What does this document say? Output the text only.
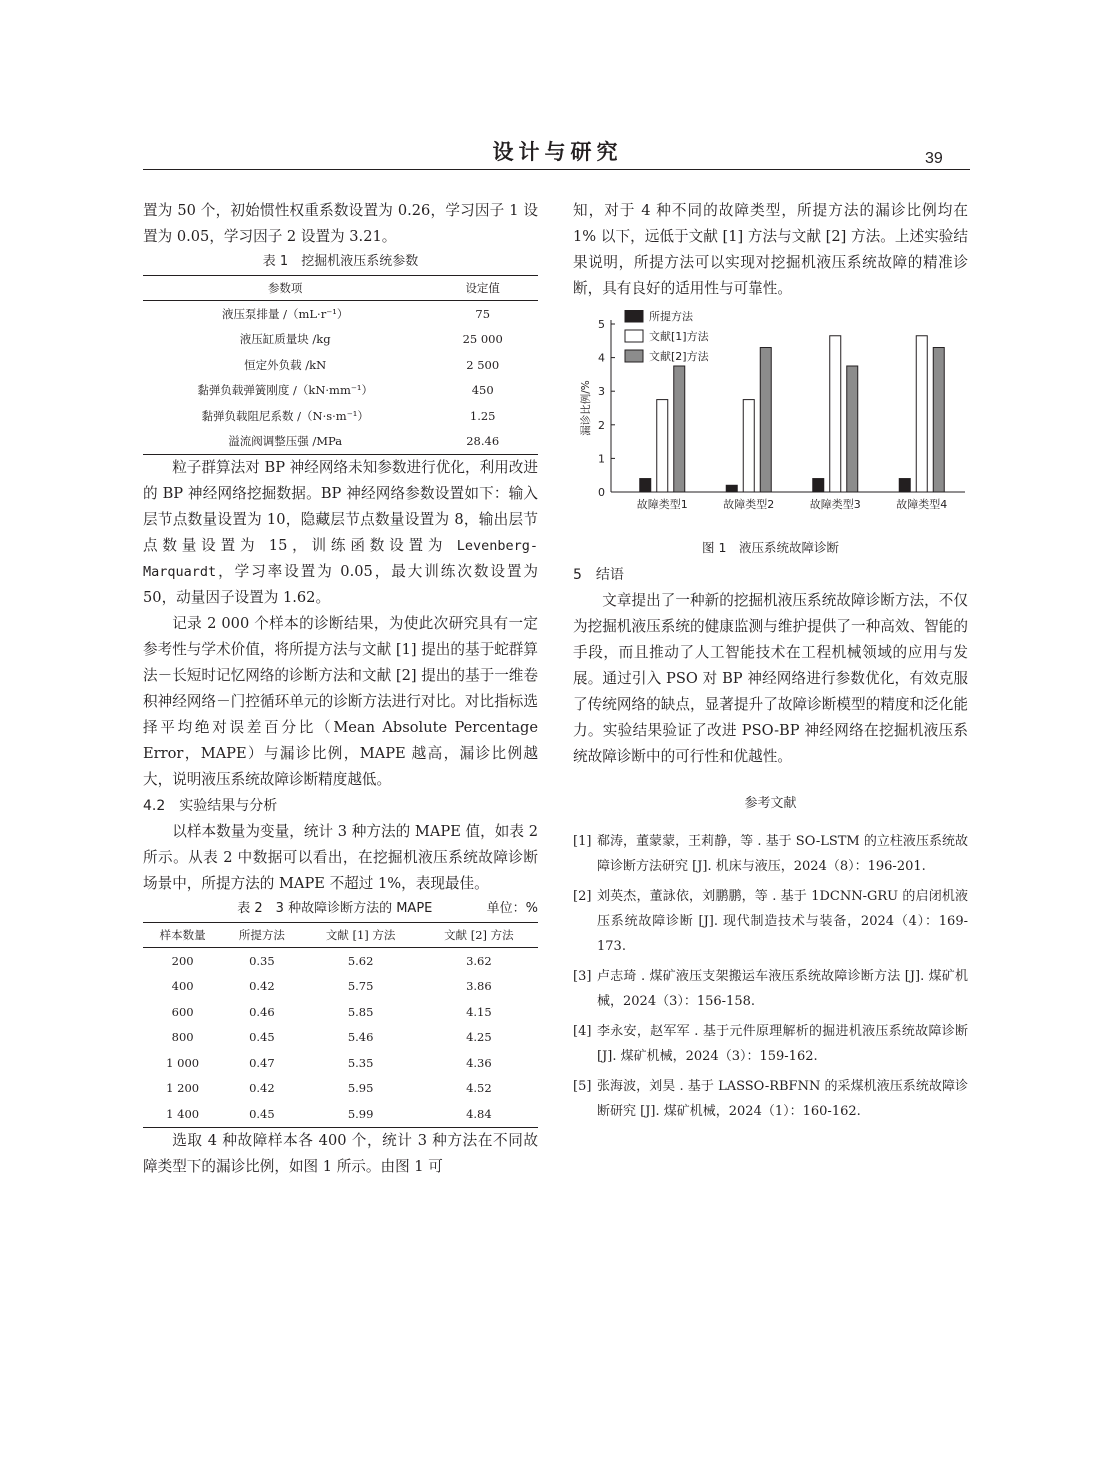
设计与研究	39

置为 50 个，初始惯性权重系数设置为 0.26，学习因子 1 设置为 0.05，学习因子 2 设置为 3.21。

表 1　挖掘机液压系统参数
参数项	设定值
液压泵排量 /（mL·r⁻¹）	75
液压缸质量块 /kg	25 000
恒定外负载 /kN	2 500
黏弹负载弹簧刚度 /（kN·mm⁻¹）	450
黏弹负载阻尼系数 /（N·s·m⁻¹）	1.25
溢流阀调整压强 /MPa	28.46

粒子群算法对 BP 神经网络未知参数进行优化，利用改进的 BP 神经网络挖掘数据。BP 神经网络参数设置如下：输入层节点数量设置为 10，隐藏层节点数量设置为 8，输出层节点数量设置为 15，训练函数设置为 Levenberg-Marquardt，学习率设置为 0.05，最大训练次数设置为 50，动量因子设置为 1.62。

记录 2 000 个样本的诊断结果，为使此次研究具有一定参考性与学术价值，将所提方法与文献 [1] 提出的基于蛇群算法－长短时记忆网络的诊断方法和文献 [2] 提出的基于一维卷积神经网络－门控循环单元的诊断方法进行对比。对比指标选择平均绝对误差百分比（Mean Absolute Percentage Error，MAPE）与漏诊比例，MAPE 越高，漏诊比例越大，说明液压系统故障诊断精度越低。

4.2　实验结果与分析

以样本数量为变量，统计 3 种方法的 MAPE 值，如表 2 所示。从表 2 中数据可以看出，在挖掘机液压系统故障诊断场景中，所提方法的 MAPE 不超过 1%，表现最佳。

表 2　3 种故障诊断方法的 MAPE	单位：%
样本数量	所提方法	文献 [1] 方法	文献 [2] 方法
200	0.35	5.62	3.62
400	0.42	5.75	3.86
600	0.46	5.85	4.15
800	0.45	5.46	4.25
1 000	0.47	5.35	4.36
1 200	0.42	5.95	4.52
1 400	0.45	5.99	4.84

选取 4 种故障样本各 400 个，统计 3 种方法在不同故障类型下的漏诊比例，如图 1 所示。由图 1 可

知，对于 4 种不同的故障类型，所提方法的漏诊比例均在 1% 以下，远低于文献 [1] 方法与文献 [2] 方法。上述实验结果说明，所提方法可以实现对挖掘机液压系统故障的精准诊断，具有良好的适用性与可靠性。

0
1
2
3
4
5
漏诊比例/%
故障类型1	故障类型2	故障类型3	故障类型4
所提方法
文献[1]方法
文献[2]方法
图 1　液压系统故障诊断
5　结语

文章提出了一种新的挖掘机液压系统故障诊断方法，不仅为挖掘机液压系统的健康监测与维护提供了一种高效、智能的手段，而且推动了人工智能技术在工程机械领域的应用与发展。通过引入 PSO 对 BP 神经网络进行参数优化，有效克服了传统网络的缺点，显著提升了故障诊断模型的精度和泛化能力。实验结果验证了改进 PSO-BP 神经网络在挖掘机液压系统故障诊断中的可行性和优越性。

参考文献
[1] 郗涛，董蒙蒙，王莉静，等 . 基于 SO-LSTM 的立柱液压系统故障诊断方法研究 [J]. 机床与液压，2024（8）：196-201.
[2] 刘英杰，董詠依，刘鹏鹏，等 . 基于 1DCNN-GRU 的启闭机液压系统故障诊断 [J]. 现代制造技术与装备，2024（4）：169-173.
[3] 卢志琦 . 煤矿液压支架搬运车液压系统故障诊断方法 [J]. 煤矿机械，2024（3）：156-158.
[4] 李永安，赵军军 . 基于元件原理解析的掘进机液压系统故障诊断 [J]. 煤矿机械，2024（3）：159-162.
[5] 张海波，刘昊 . 基于 LASSO-RBFNN 的采煤机液压系统故障诊断研究 [J]. 煤矿机械，2024（1）：160-162.
